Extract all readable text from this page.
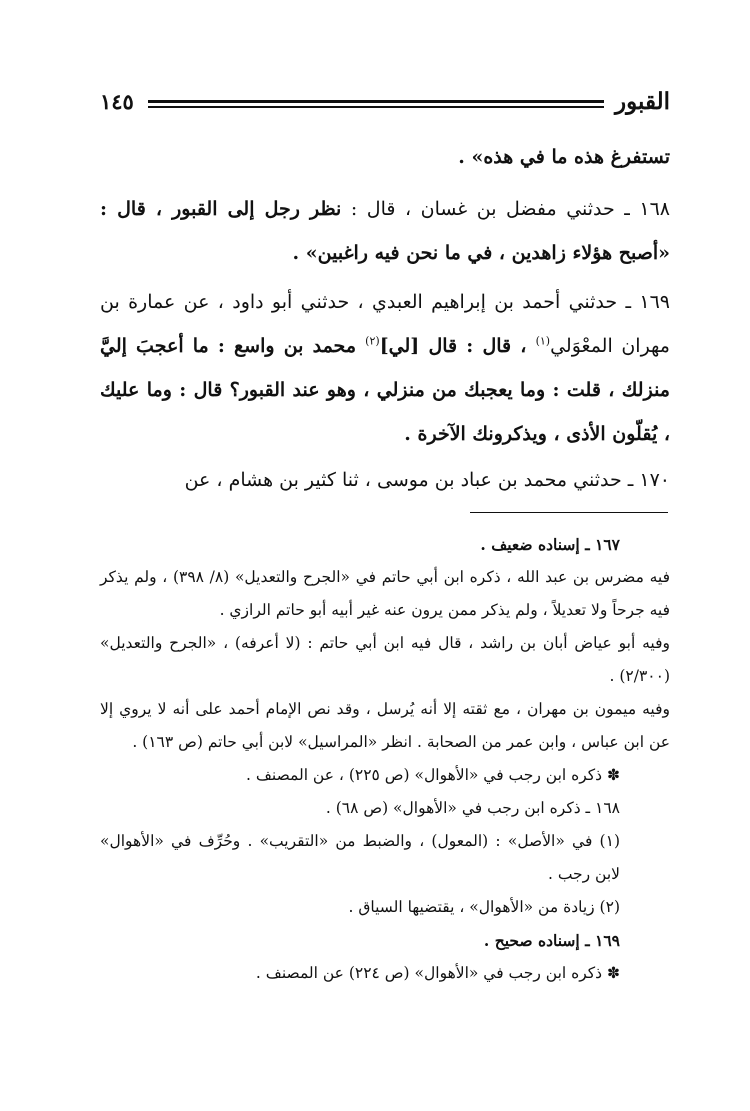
القبور
١٤٥

تستفرغ هذه ما في هذه» .

١٦٨ ـ حدثني مفضل بن غسان ، قال : نظر رجل إلى القبور ، قال : «أصبح هؤلاء زاهدين ، في ما نحن فيه راغبين» .

١٦٩ ـ حدثني أحمد بن إبراهيم العبدي ، حدثني أبو داود ، عن عمارة بن مهران المعْوَلي$^{(١)}$ ، قال : قال [لي]$^{(٢)}$ محمد بن واسع : ما أعجبَ إليَّ منزلك ، قلت : وما يعجبك من منزلي ، وهو عند القبور؟ قال : وما عليك ، يُقلّون الأذى ، ويذكرونك الآخرة .

١٧٠ ـ حدثني محمد بن عباد بن موسى ، ثنا كثير بن هشام ، عن

١٦٧ ـ إسناده ضعيف .

فيه مضرس بن عبد الله ، ذكره ابن أبي حاتم في «الجرح والتعديل» (٨/ ٣٩٨) ، ولم يذكر فيه جرحاً ولا تعديلاً ، ولم يذكر ممن يرون عنه غير أبيه أبو حاتم الرازي .

وفيه أبو عياض أبان بن راشد ، قال فيه ابن أبي حاتم : (لا أعرفه) ، «الجرح والتعديل» (٢/٣٠٠) .

وفيه ميمون بن مهران ، مع ثقته إلا أنه يُرسل ، وقد نص الإمام أحمد على أنه لا يروي إلا عن ابن عباس ، وابن عمر من الصحابة . انظر «المراسيل» لابن أبي حاتم (ص ١٦٣) .

✽ ذكره ابن رجب في «الأهوال» (ص ٢٢٥) ، عن المصنف .

١٦٨ ـ ذكره ابن رجب في «الأهوال» (ص ٦٨) .

(١) في «الأصل» : (المعول) ، والضبط من «التقريب» . وحُرِّف في «الأهوال» لابن رجب .

(٢) زيادة من «الأهوال» ، يقتضيها السياق .

١٦٩ ـ إسناده صحيح .

✽ ذكره ابن رجب في «الأهوال» (ص ٢٢٤) عن المصنف .
